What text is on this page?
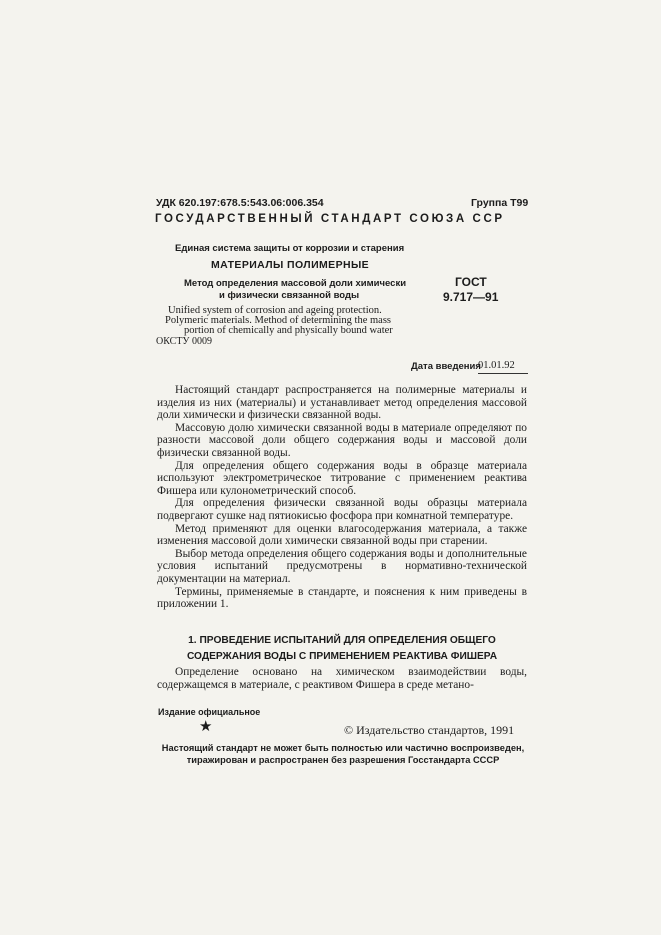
УДК 620.197:678.5:543.06:006.354	Группа Т99
ГОСУДАРСТВЕННЫЙ СТАНДАРТ СОЮЗА ССР
Единая система защиты от коррозии и старения
МАТЕРИАЛЫ ПОЛИМЕРНЫЕ
Метод определения массовой доли химически
и физически связанной воды
ГОСТ
9.717—91
Unified system of corrosion and ageing protection.
Polymeric materials. Method of determining the mass
portion of chemically and physically bound water
ОКСТУ 0009
Дата введения
01.01.92

Настоящий стандарт распространяется на полимерные материалы и изделия из них (материалы) и устанавливает метод определения массовой доли химически и физически связанной воды.

Массовую долю химически связанной воды в материале определяют по разности массовой доли общего содержания воды и массовой доли физически связанной воды.

Для определения общего содержания воды в образце материала используют электрометрическое титрование с применением реактива Фишера или кулонометрический способ.

Для определения физически связанной воды образцы материала подвергают сушке над пятиокисью фосфора при комнатной температуре.

Метод применяют для оценки влагосодержания материала, а также изменения массовой доли химически связанной воды при старении.

Выбор метода определения общего содержания воды и дополнительные условия испытаний предусмотрены в нормативно-технической документации на материал.

Термины, применяемые в стандарте, и пояснения к ним приведены в приложении 1.

1. ПРОВЕДЕНИЕ ИСПЫТАНИЙ ДЛЯ ОПРЕДЕЛЕНИЯ ОБЩЕГО СОДЕРЖАНИЯ ВОДЫ С ПРИМЕНЕНИЕМ РЕАКТИВА ФИШЕРА

Определение основано на химическом взаимодействии воды, содержащемся в материале, с реактивом Фишера в среде метано-

Издание официальное
★	© Издательство стандартов, 1991
Настоящий стандарт не может быть полностью или частично воспроизведен, тиражирован и распространен без разрешения Госстандарта СССР
